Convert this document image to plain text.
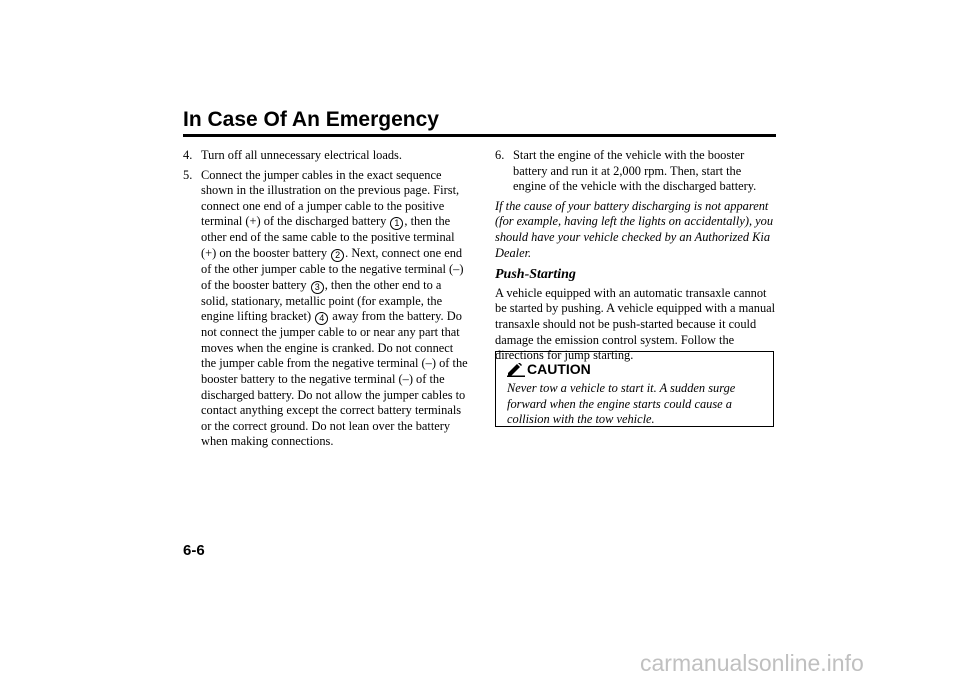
In Case Of An Emergency
4. Turn off all unnecessary electrical loads.
5. Connect the jumper cables in the exact sequence shown in the illustration on the previous page. First, connect one end of a jumper cable to the positive terminal (+) of the discharged battery 1 , then the other end of the same cable to the positive terminal (+) on the booster battery 2 . Next, connect one end of the other jumper cable to the negative terminal (–) of the booster battery 3 , then the other end to a solid, stationary, metallic point (for example, the engine lifting bracket) 4 away from the battery. Do not connect the jumper cable to or near any part that moves when the engine is cranked. Do not connect the jumper cable from the negative terminal (–) of the booster battery to the negative terminal (–) of the discharged battery. Do not allow the jumper cables to contact anything except the correct battery terminals or the correct ground. Do not lean over the battery when making connections.
6. Start the engine of the vehicle with the booster battery and run it at 2,000 rpm. Then, start the engine of the vehicle with the discharged battery.

If the cause of your battery discharging is not apparent (for example, having left the lights on accidentally), you should have your vehicle checked by an Authorized Kia Dealer.

Push-Starting

A vehicle equipped with an automatic transaxle cannot be started by pushing. A vehicle equipped with a manual transaxle should not be push-started because it could damage the emission control system. Follow the directions for jump starting.

CAUTION
Never tow a vehicle to start it. A sudden surge forward when the engine starts could cause a collision with the tow vehicle.
6-6
carmanualsonline.info
